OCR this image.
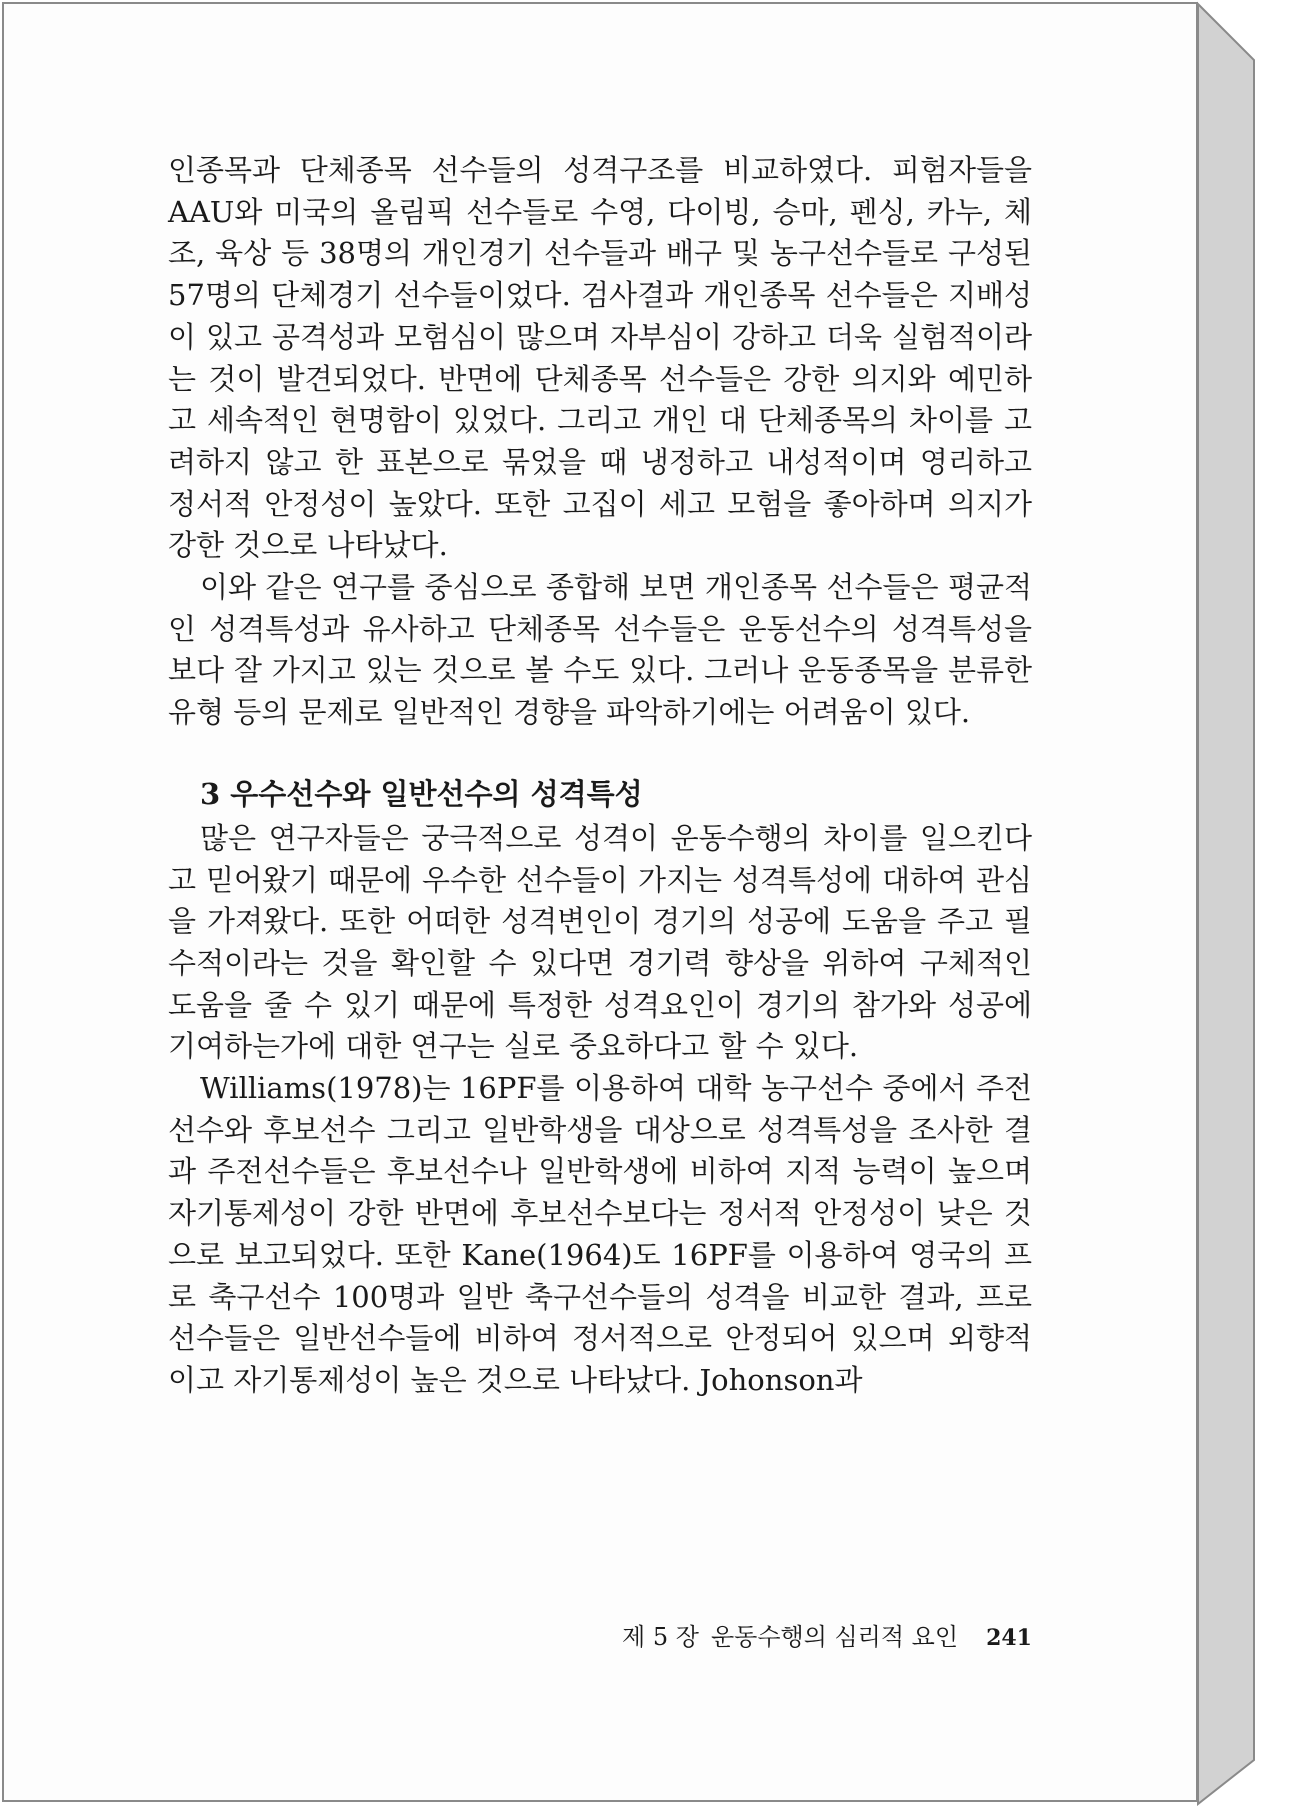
인종목과 단체종목 선수들의 성격구조를 비교하였다. 피험자들을 AAU와 미국의 올림픽 선수들로 수영, 다이빙, 승마, 펜싱, 카누, 체조, 육상 등 38명의 개인경기 선수들과 배구 및 농구선수들로 구성된 57명의 단체경기 선수들이었다. 검사결과 개인종목 선수들은 지배성이 있고 공격성과 모험심이 많으며 자부심이 강하고 더욱 실험적이라는 것이 발견되었다. 반면에 단체종목 선수들은 강한 의지와 예민하고 세속적인 현명함이 있었다. 그리고 개인 대 단체종목의 차이를 고려하지 않고 한 표본으로 묶었을 때 냉정하고 내성적이며 영리하고 정서적 안정성이 높았다. 또한 고집이 세고 모험을 좋아하며 의지가 강한 것으로 나타났다.

이와 같은 연구를 중심으로 종합해 보면 개인종목 선수들은 평균적인 성격특성과 유사하고 단체종목 선수들은 운동선수의 성격특성을 보다 잘 가지고 있는 것으로 볼 수도 있다. 그러나 운동종목을 분류한 유형 등의 문제로 일반적인 경향을 파악하기에는 어려움이 있다.

3 우수선수와 일반선수의 성격특성

많은 연구자들은 궁극적으로 성격이 운동수행의 차이를 일으킨다고 믿어왔기 때문에 우수한 선수들이 가지는 성격특성에 대하여 관심을 가져왔다. 또한 어떠한 성격변인이 경기의 성공에 도움을 주고 필수적이라는 것을 확인할 수 있다면 경기력 향상을 위하여 구체적인 도움을 줄 수 있기 때문에 특정한 성격요인이 경기의 참가와 성공에 기여하는가에 대한 연구는 실로 중요하다고 할 수 있다.

Williams(1978)는 16PF를 이용하여 대학 농구선수 중에서 주전선수와 후보선수 그리고 일반학생을 대상으로 성격특성을 조사한 결과 주전선수들은 후보선수나 일반학생에 비하여 지적 능력이 높으며 자기통제성이 강한 반면에 후보선수보다는 정서적 안정성이 낮은 것으로 보고되었다. 또한 Kane(1964)도 16PF를 이용하여 영국의 프로 축구선수 100명과 일반 축구선수들의 성격을 비교한 결과, 프로선수들은 일반선수들에 비하여 정서적으로 안정되어 있으며 외향적이고 자기통제성이 높은 것으로 나타났다. Johonson과

제 5 장 운동수행의 심리적 요인 241
